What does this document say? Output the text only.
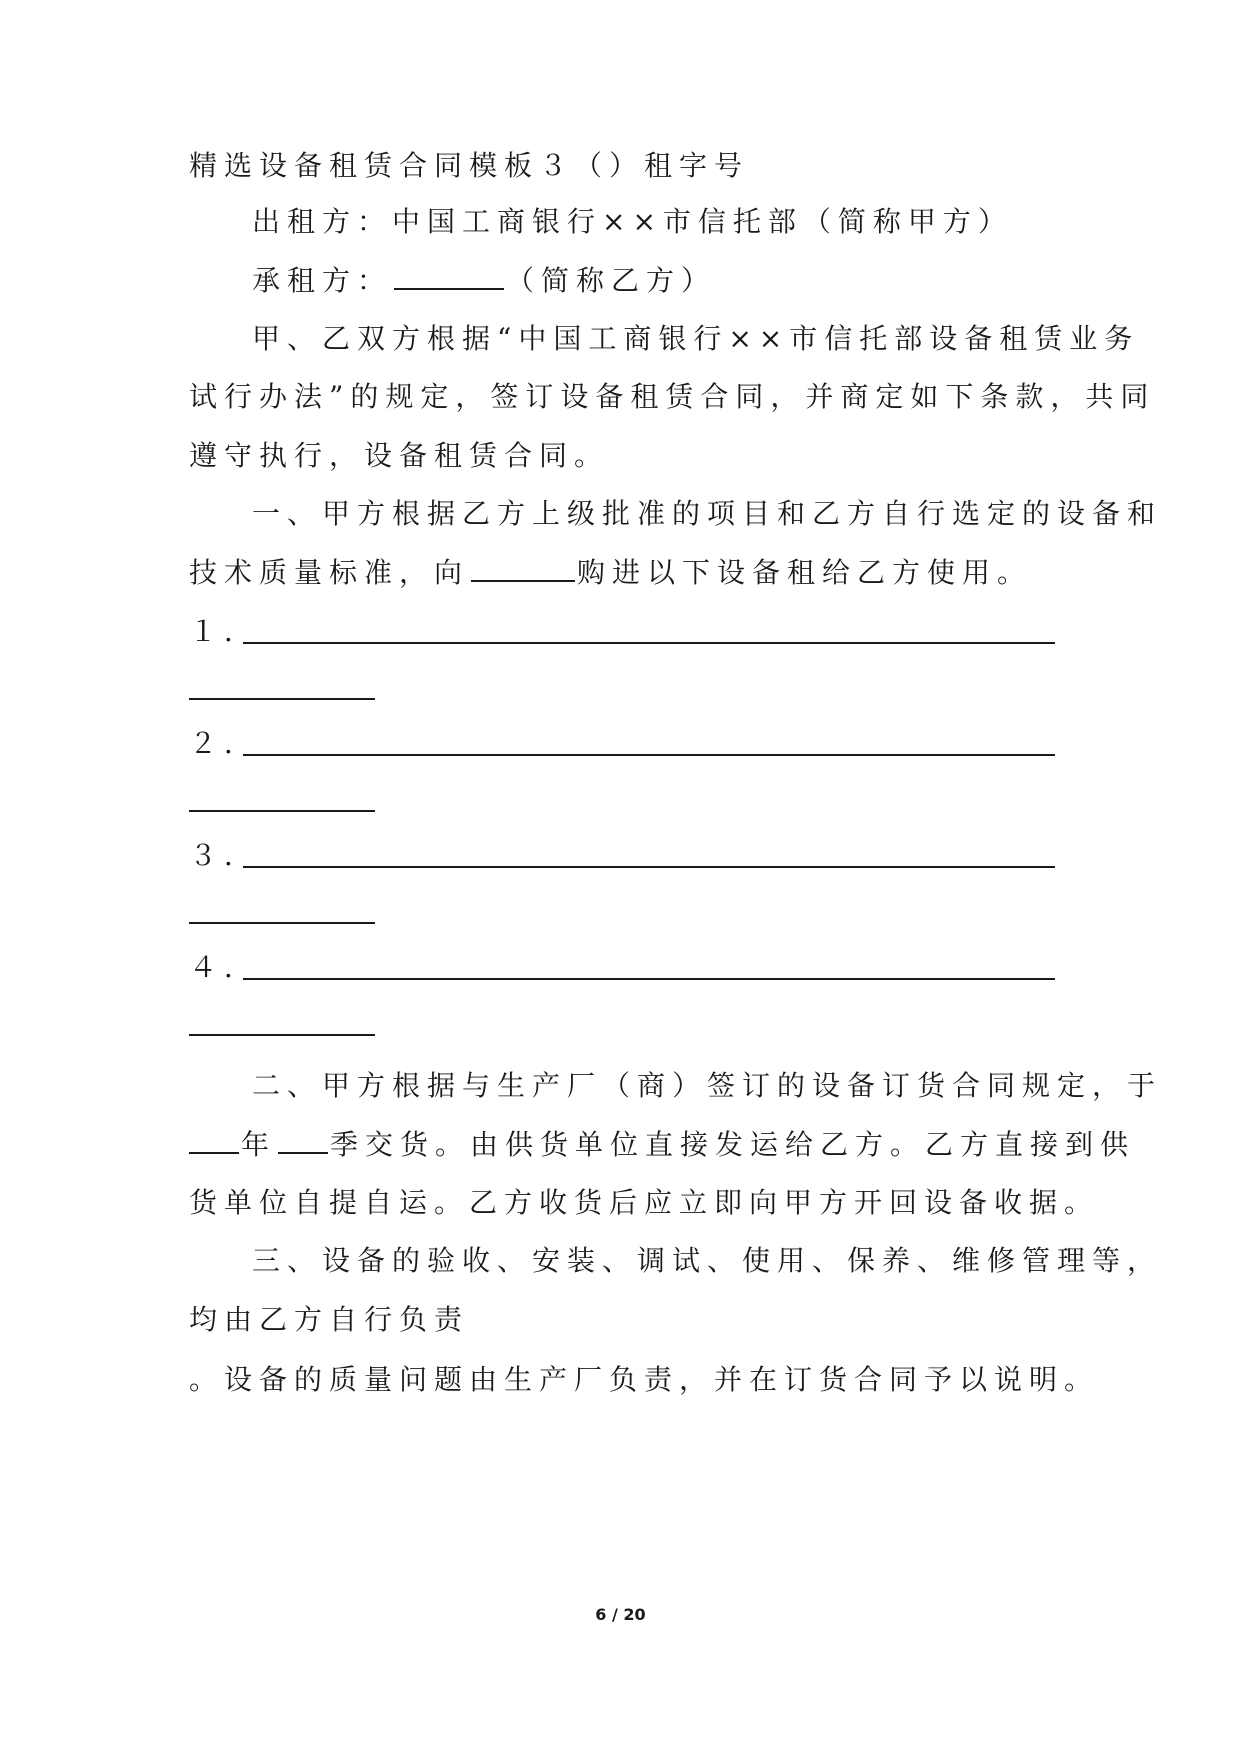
精选设备租赁合同模板３（）租字号
出租方：中国工商银行××市信托部（简称甲方）
承租方：	（简称乙方）
甲、乙双方根据“中国工商银行××市信托部设备租赁业务
试行办法”的规定，签订设备租赁合同，并商定如下条款，共同
遵守执行，设备租赁合同。
一、甲方根据乙方上级批准的项目和乙方自行选定的设备和
技术质量标准，向	购进以下设备租给乙方使用。
１．
２．
３．
４．
二、甲方根据与生产厂（商）签订的设备订货合同规定，于
年 季交货。由供货单位直接发运给乙方。乙方直接到供
货单位自提自运。乙方收货后应立即向甲方开回设备收据。
三、设备的验收、安装、调试、使用、保养、维修管理等，
均由乙方自行负责
。设备的质量问题由生产厂负责，并在订货合同予以说明。
6 / 20
